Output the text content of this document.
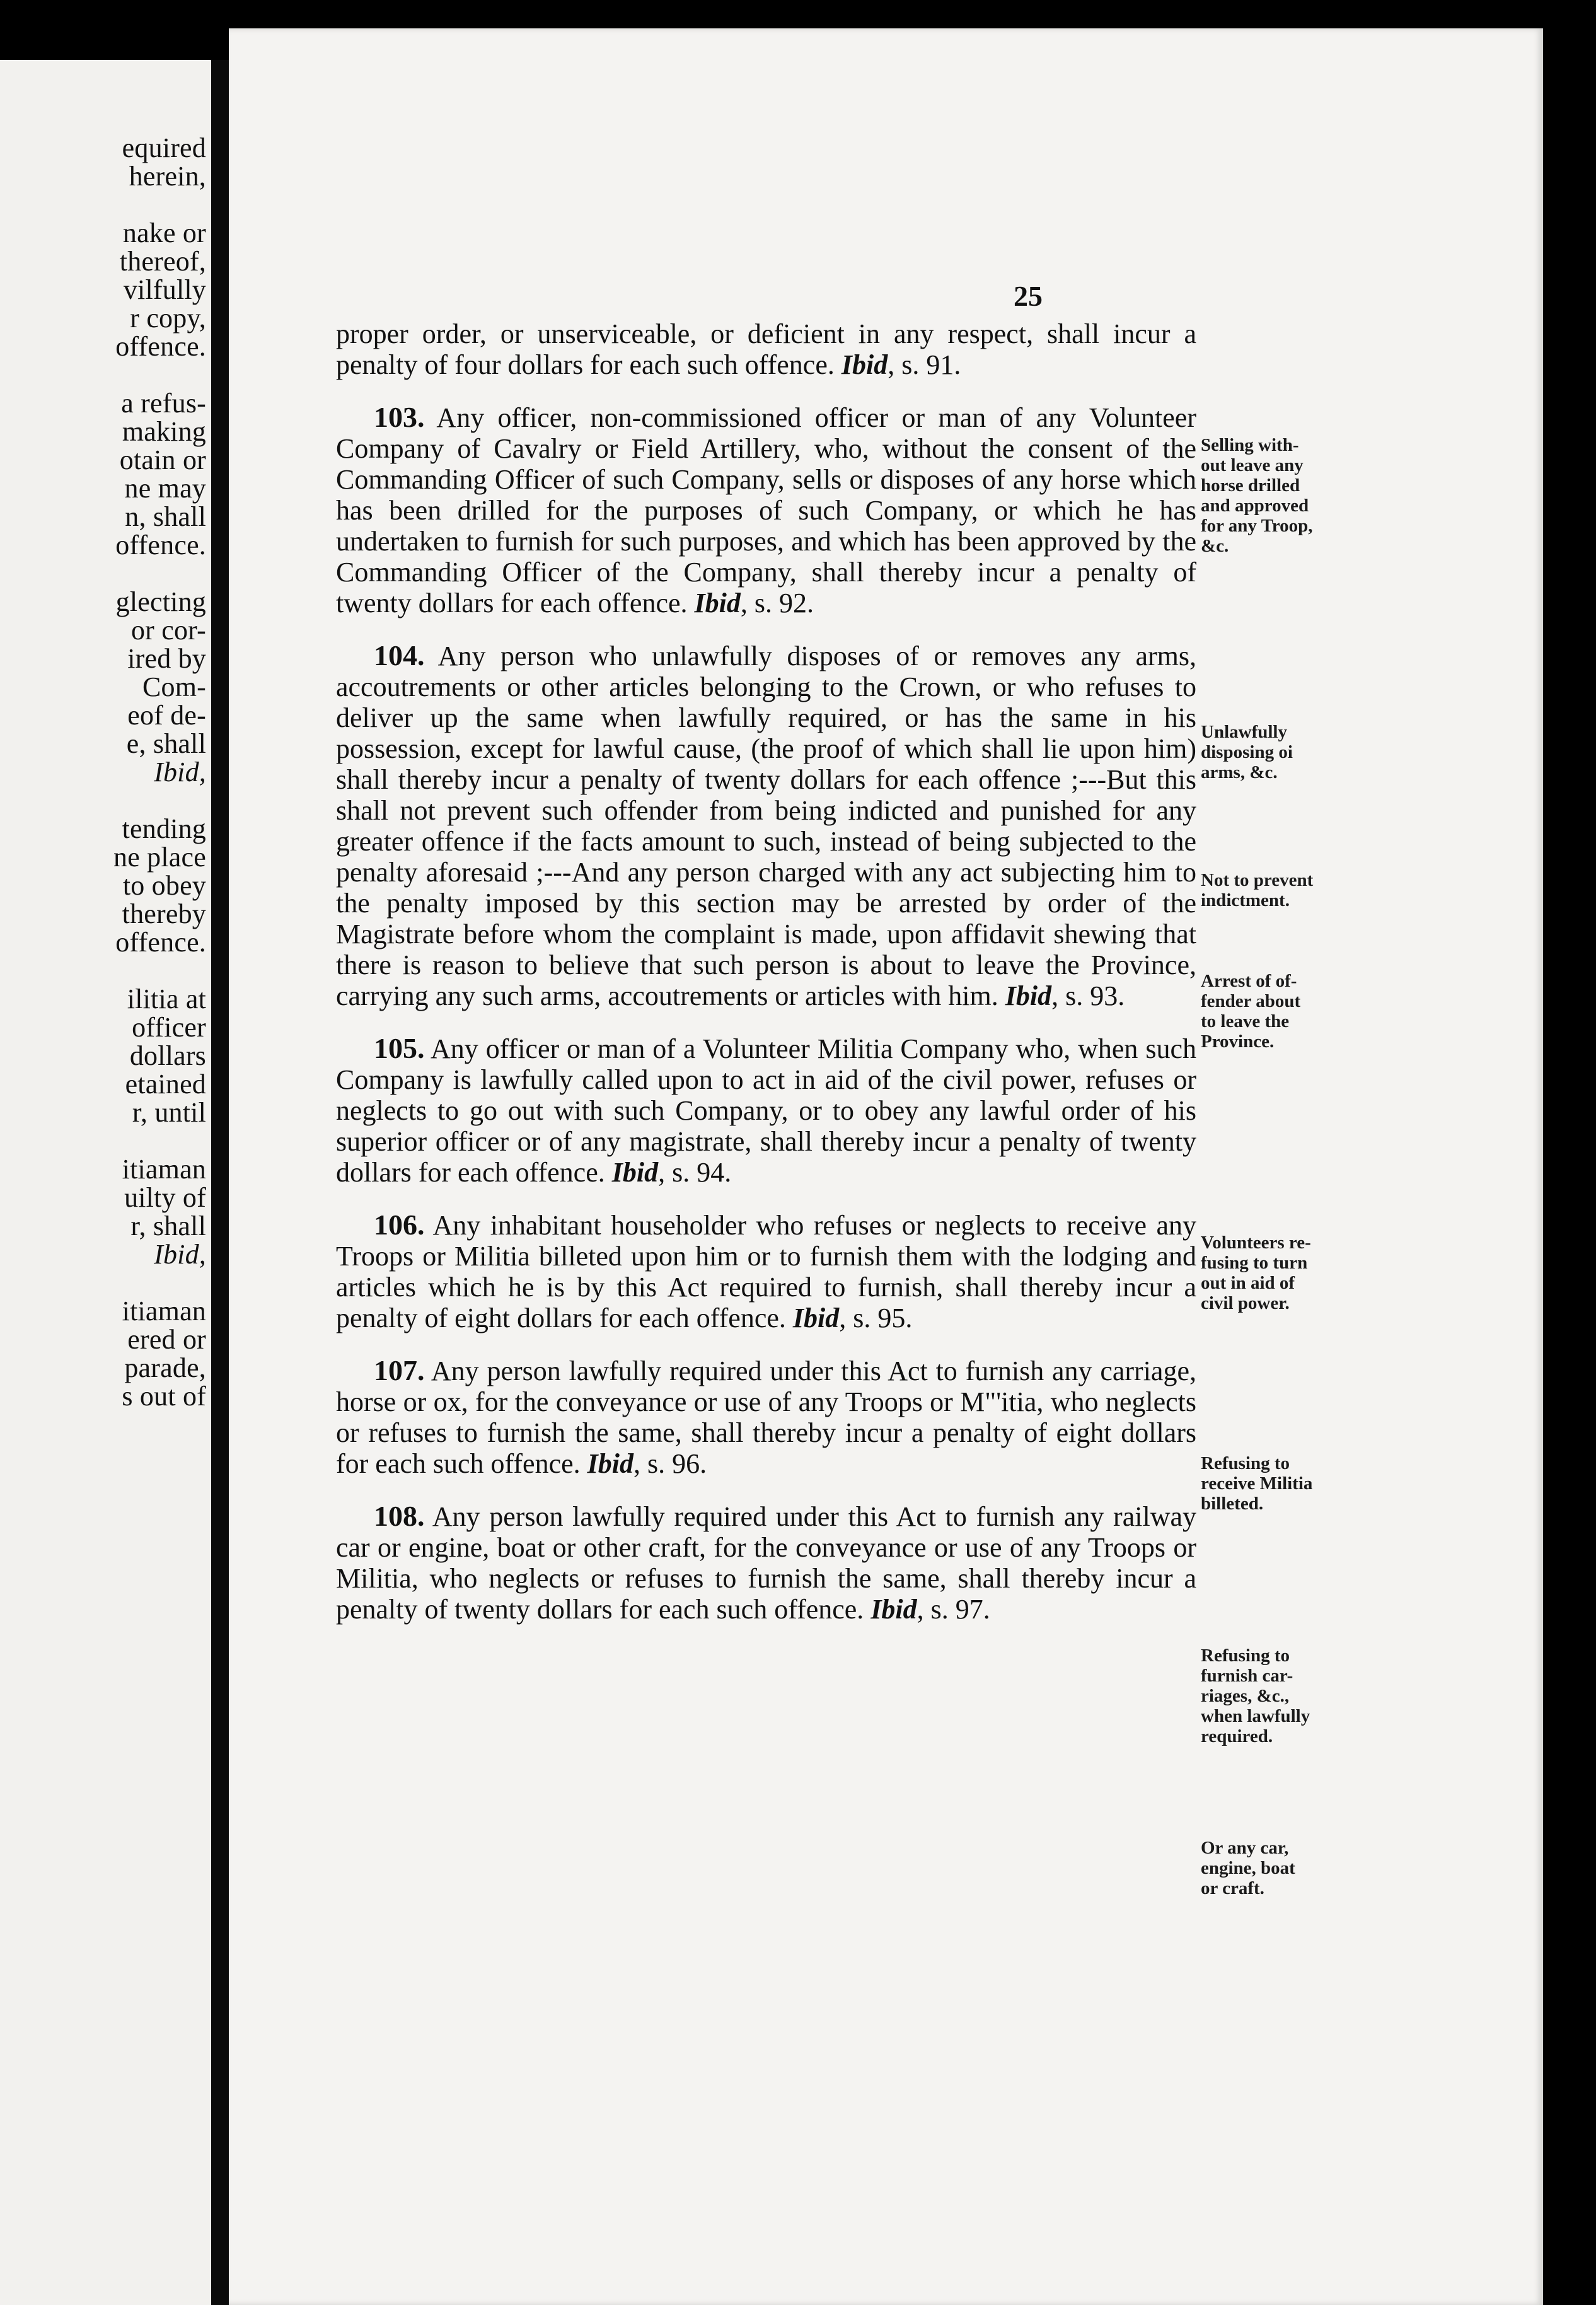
equired
herein,
nake or
thereof,
vilfully
r copy,
offence.
a refus-
making
otain or
ne may
n, shall
offence.
glecting
or cor-
ired by
Com-
eof de-
e, shall
Ibid,
tending
ne place
to obey
thereby
offence.
ilitia at
officer
dollars
etained
r, until
itiaman
uilty of
r, shall
Ibid,
itiaman
ered or
parade,
s out of
25

proper order, or unserviceable, or deficient in any respect, shall incur a penalty of four dollars for each such offence. Ibid, s. 91.

103. Any officer, non-commissioned officer or man of any Volunteer Company of Cavalry or Field Artillery, who, without the consent of the Commanding Officer of such Company, sells or disposes of any horse which has been drilled for the purposes of such Company, or which he has undertaken to furnish for such purposes, and which has been approved by the Commanding Officer of the Company, shall thereby incur a penalty of twenty dollars for each offence. Ibid, s. 92.

104. Any person who unlawfully disposes of or removes any arms, accoutrements or other articles belonging to the Crown, or who refuses to deliver up the same when lawfully required, or has the same in his possession, except for lawful cause, (the proof of which shall lie upon him) shall thereby incur a penalty of twenty dollars for each offence ;---But this shall not prevent such offender from being indicted and punished for any greater offence if the facts amount to such, instead of being subjected to the penalty aforesaid ;---And any person charged with any act subjecting him to the penalty imposed by this section may be arrested by order of the Magistrate before whom the complaint is made, upon affidavit shewing that there is reason to believe that such person is about to leave the Province, carrying any such arms, accoutrements or articles with him. Ibid, s. 93.

105. Any officer or man of a Volunteer Militia Company who, when such Company is lawfully called upon to act in aid of the civil power, refuses or neglects to go out with such Company, or to obey any lawful order of his superior officer or of any magistrate, shall thereby incur a penalty of twenty dollars for each offence. Ibid, s. 94.

106. Any inhabitant householder who refuses or neglects to receive any Troops or Militia billeted upon him or to furnish them with the lodging and articles which he is by this Act required to furnish, shall thereby incur a penalty of eight dollars for each offence. Ibid, s. 95.

107. Any person lawfully required under this Act to furnish any carriage, horse or ox, for the conveyance or use of any Troops or M"'itia, who neglects or refuses to furnish the same, shall thereby incur a penalty of eight dollars for each such offence. Ibid, s. 96.

108. Any person lawfully required under this Act to furnish any railway car or engine, boat or other craft, for the conveyance or use of any Troops or Militia, who neglects or refuses to furnish the same, shall thereby incur a penalty of twenty dollars for each such offence. Ibid, s. 97.

Selling with-
out leave any
horse drilled
and approved
for any Troop,
&c.
Unlawfully
disposing oi
arms, &c.
Not to prevent
indictment.
Arrest of of-
fender about
to leave the
Province.
Volunteers re-
fusing to turn
out in aid of
civil power.
Refusing to
receive Militia
billeted.
Refusing to
furnish car-
riages, &c.,
when lawfully
required.
Or any car,
engine, boat
or craft.
